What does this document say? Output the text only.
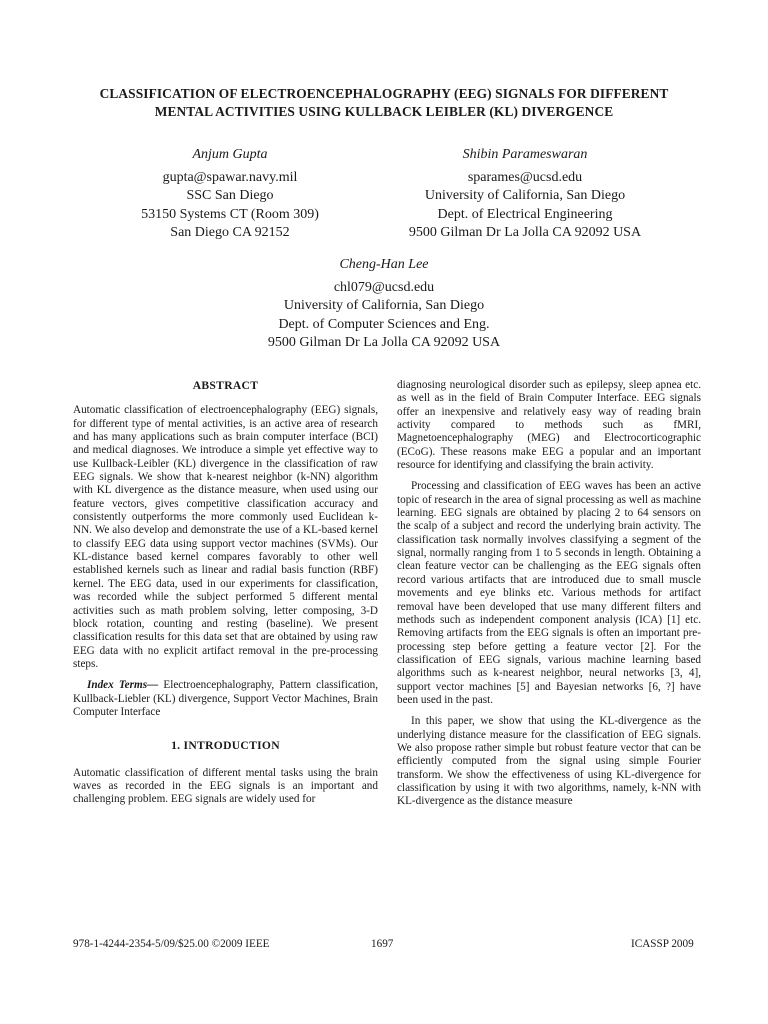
CLASSIFICATION OF ELECTROENCEPHALOGRAPHY (EEG) SIGNALS FOR DIFFERENT
MENTAL ACTIVITIES USING KULLBACK LEIBLER (KL) DIVERGENCE
Anjum Gupta
gupta@spawar.navy.mil
SSC San Diego
53150 Systems CT (Room 309)
San Diego CA 92152
Shibin Parameswaran
sparames@ucsd.edu
University of California, San Diego
Dept. of Electrical Engineering
9500 Gilman Dr La Jolla CA 92092 USA
Cheng-Han Lee
chl079@ucsd.edu
University of California, San Diego
Dept. of Computer Sciences and Eng.
9500 Gilman Dr La Jolla CA 92092 USA
ABSTRACT

Automatic classification of electroencephalography (EEG) signals, for different type of mental activities, is an active area of research and has many applications such as brain computer interface (BCI) and medical diagnoses. We introduce a simple yet effective way to use Kullback-Leibler (KL) divergence in the classification of raw EEG signals. We show that k-nearest neighbor (k-NN) algorithm with KL divergence as the distance measure, when used using our feature vectors, gives competitive classification accuracy and consistently outperforms the more commonly used Euclidean k-NN. We also develop and demonstrate the use of a KL-based kernel to classify EEG data using support vector machines (SVMs). Our KL-distance based kernel compares favorably to other well established kernels such as linear and radial basis function (RBF) kernel. The EEG data, used in our experiments for classification, was recorded while the subject performed 5 different mental activities such as math problem solving, letter composing, 3-D block rotation, counting and resting (baseline). We present classification results for this data set that are obtained by using raw EEG data with no explicit artifact removal in the pre-processing steps.

Index Terms— Electroencephalography, Pattern classification, Kullback-Liebler (KL) divergence, Support Vector Machines, Brain Computer Interface

1. INTRODUCTION

Automatic classification of different mental tasks using the brain waves as recorded in the EEG signals is an important and challenging problem. EEG signals are widely used for

diagnosing neurological disorder such as epilepsy, sleep apnea etc. as well as in the field of Brain Computer Interface. EEG signals offer an inexpensive and relatively easy way of reading brain activity compared to methods such as fMRI, Magnetoencephalography (MEG) and Electrocorticographic (ECoG). These reasons make EEG a popular and an important resource for identifying and classifying the brain activity.

Processing and classification of EEG waves has been an active topic of research in the area of signal processing as well as machine learning. EEG signals are obtained by placing 2 to 64 sensors on the scalp of a subject and record the underlying brain activity. The classification task normally involves classifying a segment of the signal, normally ranging from 1 to 5 seconds in length. Obtaining a clean feature vector can be challenging as the EEG signals often record various artifacts that are introduced due to small muscle movements and eye blinks etc. Various methods for artifact removal have been developed that use many different filters and methods such as independent component analysis (ICA) [1] etc. Removing artifacts from the EEG signals is often an important pre-processing step before getting a feature vector [2]. For the classification of EEG signals, various machine learning based algorithms such as k-nearest neighbor, neural networks [3, 4], support vector machines [5] and Bayesian networks [6, ?] have been used in the past.

In this paper, we show that using the KL-divergence as the underlying distance measure for the classification of EEG signals. We also propose rather simple but robust feature vector that can be efficiently computed from the signal using simple Fourier transform. We show the effectiveness of using KL-divergence for classification by using it with two algorithms, namely, k-NN with KL-divergence as the distance measure

978-1-4244-2354-5/09/$25.00 ©2009 IEEE	1697	ICASSP 2009
